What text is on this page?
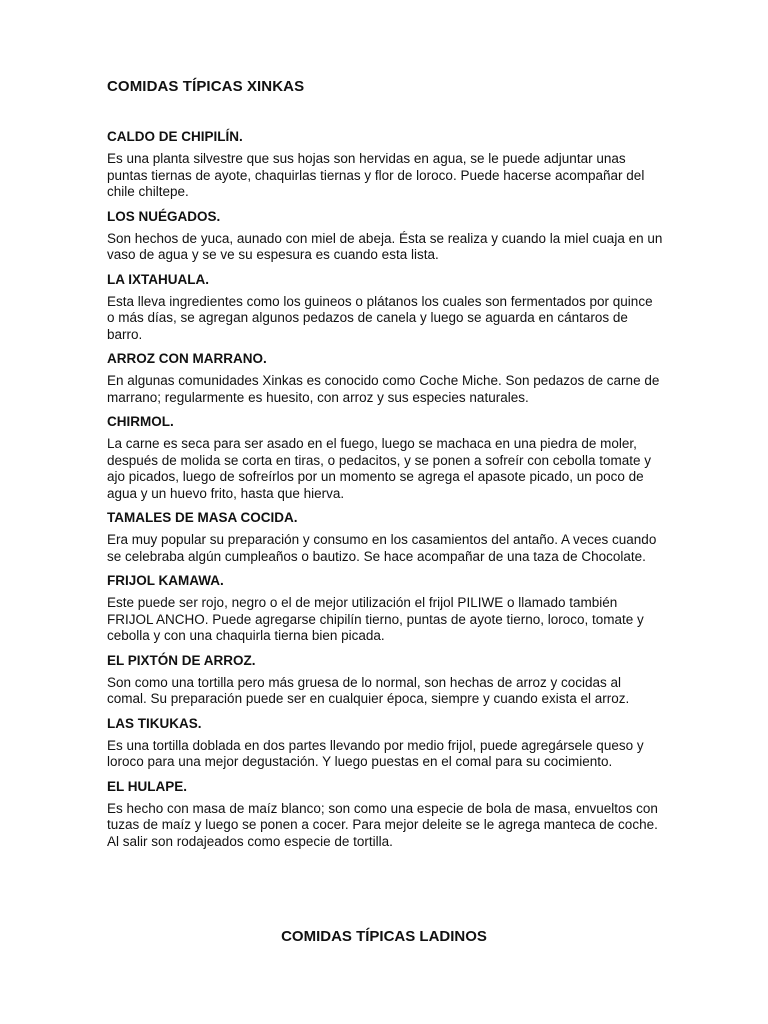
COMIDAS TÍPICAS XINKAS
CALDO DE CHIPILÍN.

Es una planta silvestre que sus hojas son hervidas en agua, se le puede adjuntar unas puntas tiernas de ayote, chaquirlas tiernas y flor de loroco. Puede hacerse acompañar del chile chiltepe.

LOS NUÉGADOS.

Son hechos de yuca, aunado con miel de abeja. Ésta se realiza y cuando la miel cuaja en un vaso de agua y se ve su espesura es cuando esta lista.

LA IXTAHUALA.

Esta lleva ingredientes como los guineos o plátanos los cuales son fermentados por quince o más días, se agregan algunos pedazos de canela y luego se aguarda en cántaros de barro.

ARROZ CON MARRANO.

En algunas comunidades Xinkas es conocido como Coche Miche. Son pedazos de carne de marrano; regularmente es huesito, con arroz y sus especies naturales.

CHIRMOL.

La carne es seca para ser asado en el fuego, luego se machaca en una piedra de moler, después de molida se corta en tiras, o pedacitos, y se ponen a sofreír con cebolla tomate y ajo picados, luego de sofreírlos por un momento se agrega el apasote picado, un poco de agua y un huevo frito, hasta que hierva.

TAMALES DE MASA COCIDA.

Era muy popular su preparación y consumo en los casamientos del antaño. A veces cuando se celebraba algún cumpleaños o bautizo. Se hace acompañar de una taza de Chocolate.

FRIJOL KAMAWA.

Este puede ser rojo, negro o el de mejor utilización el frijol PILIWE o llamado también FRIJOL ANCHO. Puede agregarse chipilín tierno, puntas de ayote tierno, loroco, tomate y cebolla y con una chaquirla tierna bien picada.

EL PIXTÓN DE ARROZ.

Son como una tortilla pero más gruesa de lo normal, son hechas de arroz y cocidas al comal. Su preparación puede ser en cualquier época, siempre y cuando exista el arroz.

LAS TIKUKAS.

Es una tortilla doblada en dos partes llevando por medio frijol, puede agregársele queso y loroco para una mejor degustación. Y luego puestas en el comal para su cocimiento.

EL HULAPE.

Es hecho con masa de maíz blanco; son como una especie de bola de masa, envueltos con tuzas de maíz y luego se ponen a cocer. Para mejor deleite se le agrega manteca de coche. Al salir son rodajeados como especie de tortilla.

COMIDAS TÍPICAS LADINOS
